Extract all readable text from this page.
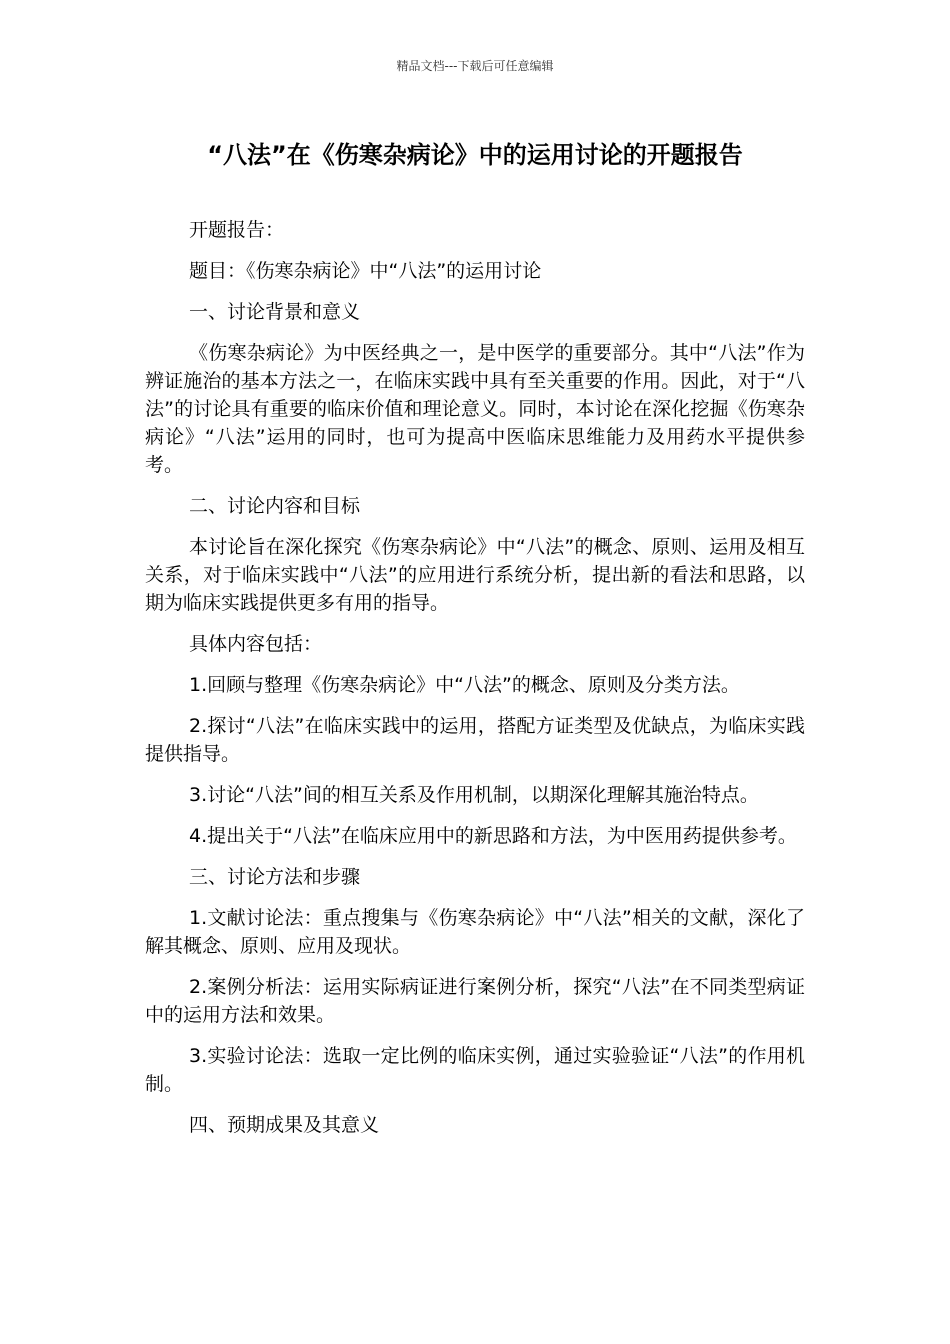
精品文档---下载后可任意编辑
“八法”在《伤寒杂病论》中的运用讨论的开题报告

开题报告：

题目：《伤寒杂病论》中“八法”的运用讨论

一、讨论背景和意义

《伤寒杂病论》为中医经典之一，是中医学的重要部分。其中“八法”作为辨证施治的基本方法之一，在临床实践中具有至关重要的作用。因此，对于“八法”的讨论具有重要的临床价值和理论意义。同时，本讨论在深化挖掘《伤寒杂病论》“八法”运用的同时，也可为提高中医临床思维能力及用药水平提供参考。

二、讨论内容和目标

本讨论旨在深化探究《伤寒杂病论》中“八法”的概念、原则、运用及相互关系，对于临床实践中“八法”的应用进行系统分析，提出新的看法和思路，以期为临床实践提供更多有用的指导。

具体内容包括：

1.回顾与整理《伤寒杂病论》中“八法”的概念、原则及分类方法。

2.探讨“八法”在临床实践中的运用，搭配方证类型及优缺点，为临床实践提供指导。

3.讨论“八法”间的相互关系及作用机制，以期深化理解其施治特点。

4.提出关于“八法”在临床应用中的新思路和方法，为中医用药提供参考。

三、讨论方法和步骤

1.文献讨论法：重点搜集与《伤寒杂病论》中“八法”相关的文献，深化了解其概念、原则、应用及现状。

2.案例分析法：运用实际病证进行案例分析，探究“八法”在不同类型病证中的运用方法和效果。

3.实验讨论法：选取一定比例的临床实例，通过实验验证“八法”的作用机制。

四、预期成果及其意义
